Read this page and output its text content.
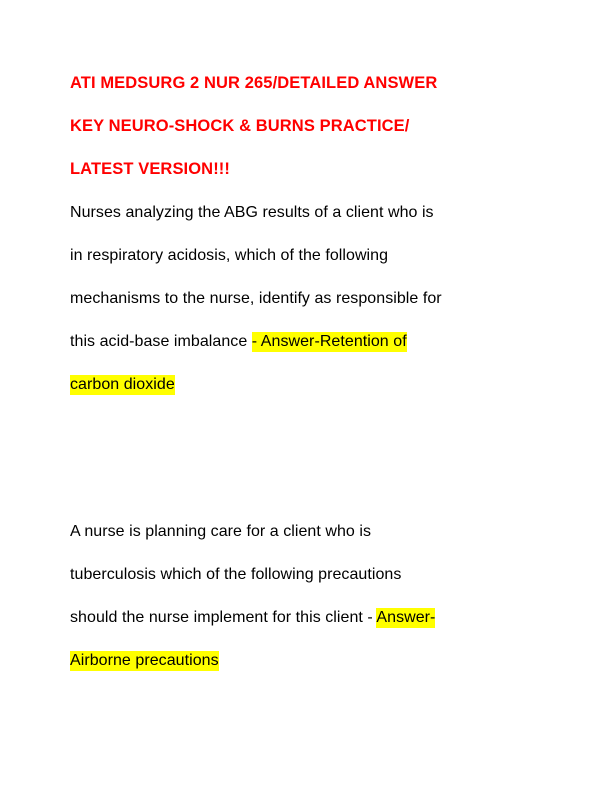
ATI MEDSURG 2 NUR 265/DETAILED ANSWER
KEY NEURO-SHOCK & BURNS PRACTICE/
LATEST VERSION!!!

Nurses analyzing the ABG results of a client who is
in respiratory acidosis, which of the following
mechanisms to the nurse, identify as responsible for
this acid-base imbalance - Answer-Retention of
carbon dioxide

A nurse is planning care for a client who is
tuberculosis which of the following precautions
should the nurse implement for this client - Answer-
Airborne precautions
